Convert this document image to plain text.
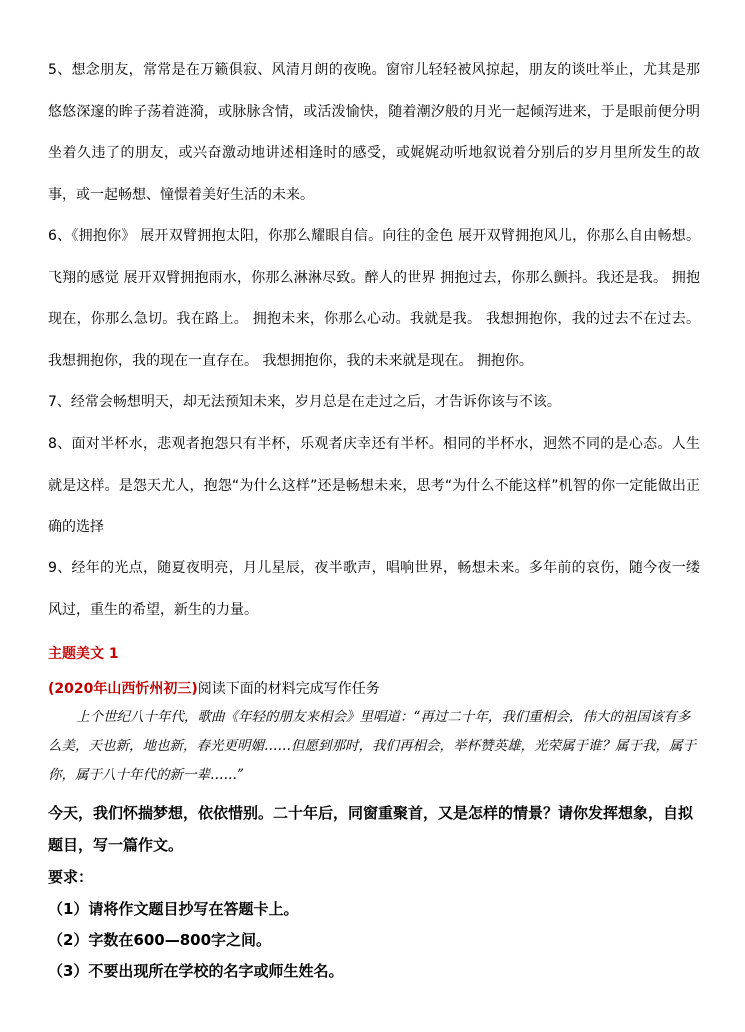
5、想念朋友，常常是在万籁俱寂、风清月朗的夜晚。窗帘儿轻轻被风掠起，朋友的谈吐举止，尤其是那悠悠深邃的眸子荡着涟漪，或脉脉含情，或活泼愉快，随着潮汐般的月光一起倾泻进来，于是眼前便分明坐着久违了的朋友，或兴奋激动地讲述相逢时的感受，或娓娓动听地叙说着分别后的岁月里所发生的故事，或一起畅想、憧憬着美好生活的未来。

6、《拥抱你》 展开双臂拥抱太阳，你那么耀眼自信。向往的金色 展开双臂拥抱风儿，你那么自由畅想。飞翔的感觉 展开双臂拥抱雨水，你那么淋淋尽致。醉人的世界 拥抱过去，你那么颤抖。我还是我。 拥抱现在，你那么急切。我在路上。 拥抱未来，你那么心动。我就是我。 我想拥抱你，我的过去不在过去。我想拥抱你，我的现在一直存在。 我想拥抱你，我的未来就是现在。 拥抱你。

7、经常会畅想明天，却无法预知未来，岁月总是在走过之后，才告诉你该与不该。

8、面对半杯水，悲观者抱怨只有半杯，乐观者庆幸还有半杯。相同的半杯水，迥然不同的是心态。人生就是这样。是怨天尤人，抱怨“为什么这样”还是畅想未来，思考“为什么不能这样”机智的你一定能做出正确的选择

9、经年的光点，随夏夜明亮，月儿星辰，夜半歌声，唱响世界，畅想未来。多年前的哀伤，随今夜一缕风过，重生的希望，新生的力量。

主题美文 1

(2020年山西忻州初三)阅读下面的材料完成写作任务

上个世纪八十年代，歌曲《年轻的朋友来相会》里唱道：“再过二十年，我们重相会，伟大的祖国该有多么美，天也新，地也新，春光更明媚……但愿到那时，我们再相会，举杯赞英雄，光荣属于谁？属于我，属于你，属于八十年代的新一辈……”

今天，我们怀揣梦想，依依惜别。二十年后，同窗重聚首，又是怎样的情景？请你发挥想象，自拟题目，写一篇作文。

要求：

（1）请将作文题目抄写在答题卡上。

（2）字数在600—800字之间。

（3）不要出现所在学校的名字或师生姓名。
